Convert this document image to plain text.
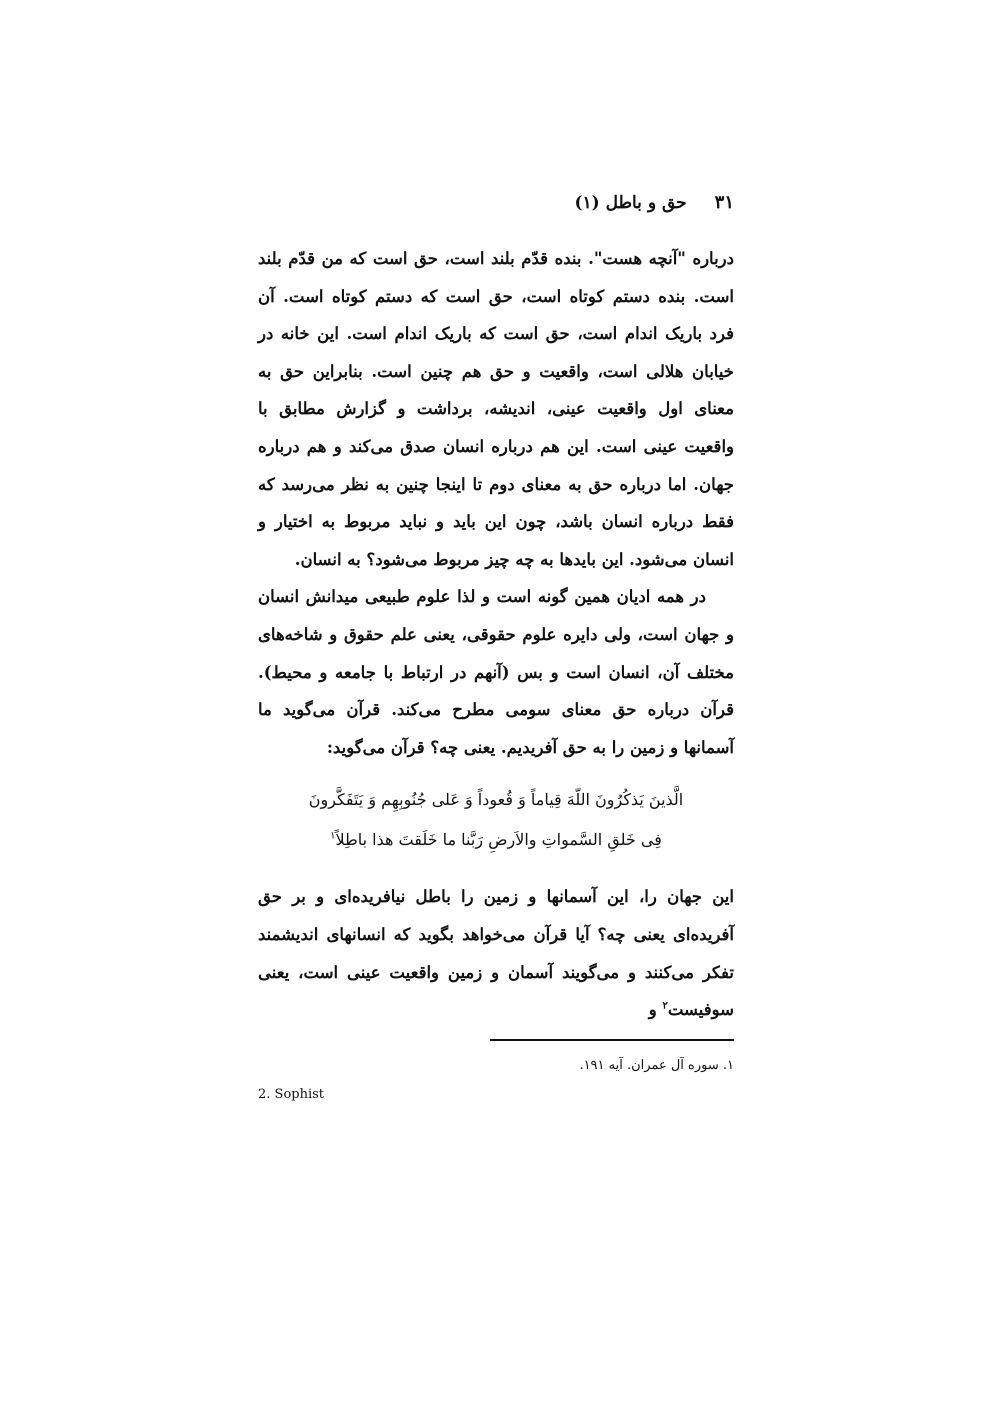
۳۱
حق و باطل (۱)

درباره "آنچه هست". بنده قدّم بلند است، حق است که من قدّم بلند است. بنده دستم کوتاه است، حق است که دستم کوتاه است. آن فرد باریک اندام است، حق است که باریک اندام است. این خانه در خیابان هلالی است، واقعیت و حق هم چنین است. بنابراین حق به معنای اول واقعیت عینی، اندیشه، برداشت و گزارش مطابق با واقعیت عینی است. این هم درباره انسان صدق می‌کند و هم درباره جهان. اما درباره حق به معنای دوم تا اینجا چنین به نظر می‌رسد که فقط درباره انسان باشد، چون این باید و نباید مربوط به اختیار و انسان می‌شود. این بایدها به چه چیز مربوط می‌شود؟ به انسان.

در همه ادیان همین گونه است و لذا علوم طبیعی میدانش انسان و جهان است، ولی دایره علوم حقوقی، یعنی علم حقوق و شاخه‌های مختلف آن، انسان است و بس (آنهم در ارتباط با جامعه و محیط). قرآن درباره حق معنای سومی مطرح می‌کند. قرآن می‌گوید ما آسمانها و زمین را به حق آفریدیم. یعنی چه؟ قرآن می‌گوید:

الَّذینَ یَذکُرُونَ اللّهَ قِیاماً وَ قُعوداً وَ عَلی جُنُوبِهِم وَ یَتَفَکَّرونَ
فِی خَلقِ السَّمواتِ والاَرضِ رَبَّنا ما خَلَقتَ هذا باطِلاً$^۱$

این جهان را، این آسمانها و زمین را باطل نیافریده‌ای و بر حق آفریده‌ای یعنی چه؟ آیا قرآن می‌خواهد بگوید که انسانهای اندیشمند تفکر می‌کنند و می‌گویند آسمان و زمین واقعیت عینی است، یعنی سوفیست$^۲$ و

۱. سوره آل عمران. آیه ۱۹۱.
2. Sophist
